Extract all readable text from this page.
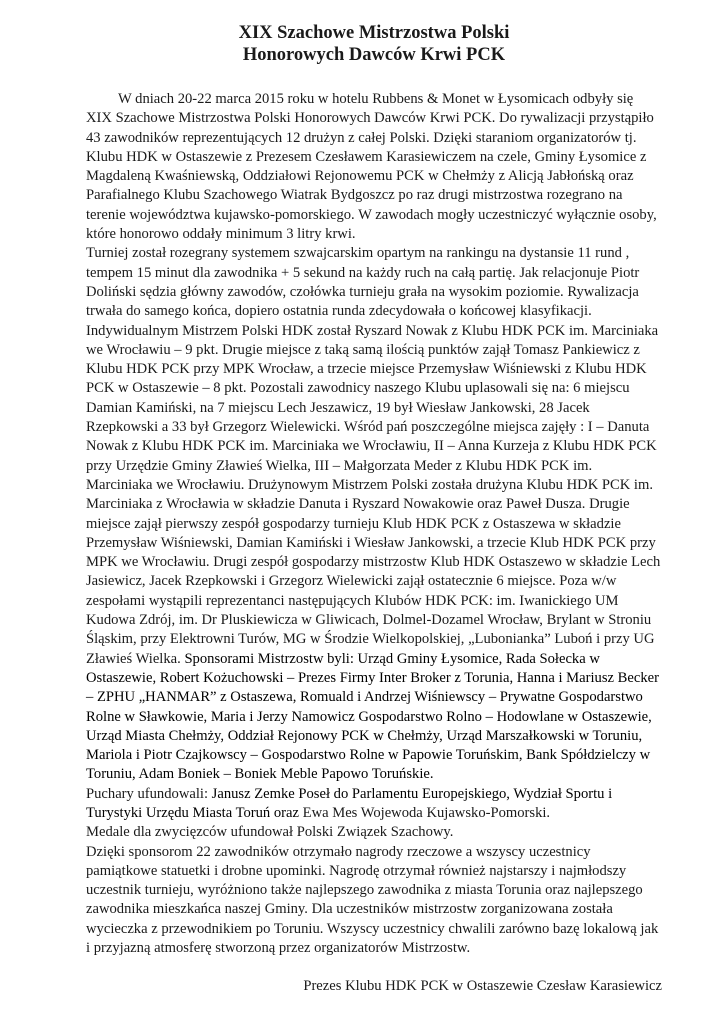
XIX Szachowe Mistrzostwa Polski
Honorowych Dawców Krwi PCK

W dniach 20-22 marca 2015 roku w hotelu Rubbens & Monet w Łysomicach odbyły się XIX Szachowe Mistrzostwa Polski Honorowych Dawców Krwi PCK. Do rywalizacji przystąpiło 43 zawodników reprezentujących 12 drużyn z całej Polski. Dzięki staraniom organizatorów tj. Klubu HDK w Ostaszewie z Prezesem Czesławem Karasiewiczem na czele, Gminy Łysomice z Magdaleną Kwaśniewską, Oddziałowi Rejonowemu PCK w Chełmży z Alicją Jabłońską oraz Parafialnego Klubu Szachowego Wiatrak Bydgoszcz po raz drugi mistrzostwa rozegrano na terenie województwa kujawsko-pomorskiego. W zawodach mogły uczestniczyć wyłącznie osoby, które honorowo oddały minimum 3 litry krwi.

Turniej został rozegrany systemem szwajcarskim opartym na rankingu na dystansie 11 rund , tempem 15 minut dla zawodnika + 5 sekund na każdy ruch na całą partię. Jak relacjonuje Piotr Doliński sędzia główny zawodów, czołówka turnieju grała na wysokim poziomie. Rywalizacja trwała do samego końca, dopiero ostatnia runda zdecydowała o końcowej klasyfikacji. Indywidualnym Mistrzem Polski HDK został Ryszard Nowak z Klubu HDK PCK im. Marciniaka we Wrocławiu – 9 pkt. Drugie miejsce z taką samą ilością punktów zajął Tomasz Pankiewicz z Klubu HDK PCK przy MPK Wrocław, a trzecie miejsce Przemysław Wiśniewski z Klubu HDK PCK w Ostaszewie – 8 pkt. Pozostali zawodnicy naszego Klubu uplasowali się na: 6 miejscu Damian Kamiński, na 7 miejscu Lech Jeszawicz, 19 był Wiesław Jankowski, 28 Jacek Rzepkowski a 33 był Grzegorz Wielewicki. Wśród pań poszczególne miejsca zajęły : I – Danuta Nowak z Klubu HDK PCK im. Marciniaka we Wrocławiu, II – Anna Kurzeja z Klubu HDK PCK przy Urzędzie Gminy Zławieś Wielka, III – Małgorzata Meder z Klubu HDK PCK im. Marciniaka we Wrocławiu. Drużynowym Mistrzem Polski została drużyna Klubu HDK PCK im. Marciniaka z Wrocławia w składzie Danuta i Ryszard Nowakowie oraz Paweł Dusza. Drugie miejsce zajął pierwszy zespół gospodarzy turnieju Klub HDK PCK z Ostaszewa w składzie Przemysław Wiśniewski, Damian Kamiński i Wiesław Jankowski, a trzecie Klub HDK PCK przy MPK we Wrocławiu. Drugi zespół gospodarzy mistrzostw Klub HDK Ostaszewo w składzie Lech Jasiewicz, Jacek Rzepkowski i Grzegorz Wielewicki zajął ostatecznie 6 miejsce. Poza w/w zespołami wystąpili reprezentanci następujących Klubów HDK PCK: im. Iwanickiego UM Kudowa Zdrój, im. Dr Pluskiewicza w Gliwicach, Dolmel-Dozamel Wrocław, Brylant w Stroniu Śląskim, przy Elektrowni Turów, MG w Środzie Wielkopolskiej, „Lubonianka” Luboń i przy UG Zławieś Wielka. Sponsorami Mistrzostw byli: Urząd Gminy Łysomice, Rada Sołecka w Ostaszewie, Robert Kożuchowski – Prezes Firmy Inter Broker z Torunia, Hanna i Mariusz Becker – ZPHU „HANMAR” z Ostaszewa, Romuald i Andrzej Wiśniewscy – Prywatne Gospodarstwo Rolne w Sławkowie, Maria i Jerzy Namowicz Gospodarstwo Rolno – Hodowlane w Ostaszewie, Urząd Miasta Chełmży, Oddział Rejonowy PCK w Chełmży, Urząd Marszałkowski w Toruniu, Mariola i Piotr Czajkowscy – Gospodarstwo Rolne w Papowie Toruńskim, Bank Spółdzielczy w Toruniu, Adam Boniek – Boniek Meble Papowo Toruńskie.

Puchary ufundowali: Janusz Zemke Poseł do Parlamentu Europejskiego, Wydział Sportu i Turystyki Urzędu Miasta Toruń oraz Ewa Mes Wojewoda Kujawsko-Pomorski.

Medale dla zwycięzców ufundował Polski Związek Szachowy.

Dzięki sponsorom 22 zawodników otrzymało nagrody rzeczowe a wszyscy uczestnicy pamiątkowe statuetki i drobne upominki. Nagrodę otrzymał również najstarszy i najmłodszy uczestnik turnieju, wyróżniono także najlepszego zawodnika z miasta Torunia oraz najlepszego zawodnika mieszkańca naszej Gminy. Dla uczestników mistrzostw zorganizowana została wycieczka z przewodnikiem po Toruniu. Wszyscy uczestnicy chwalili zarówno bazę lokalową jak i przyjazną atmosferę stworzoną przez organizatorów Mistrzostw.

Prezes Klubu HDK PCK w Ostaszewie Czesław Karasiewicz
